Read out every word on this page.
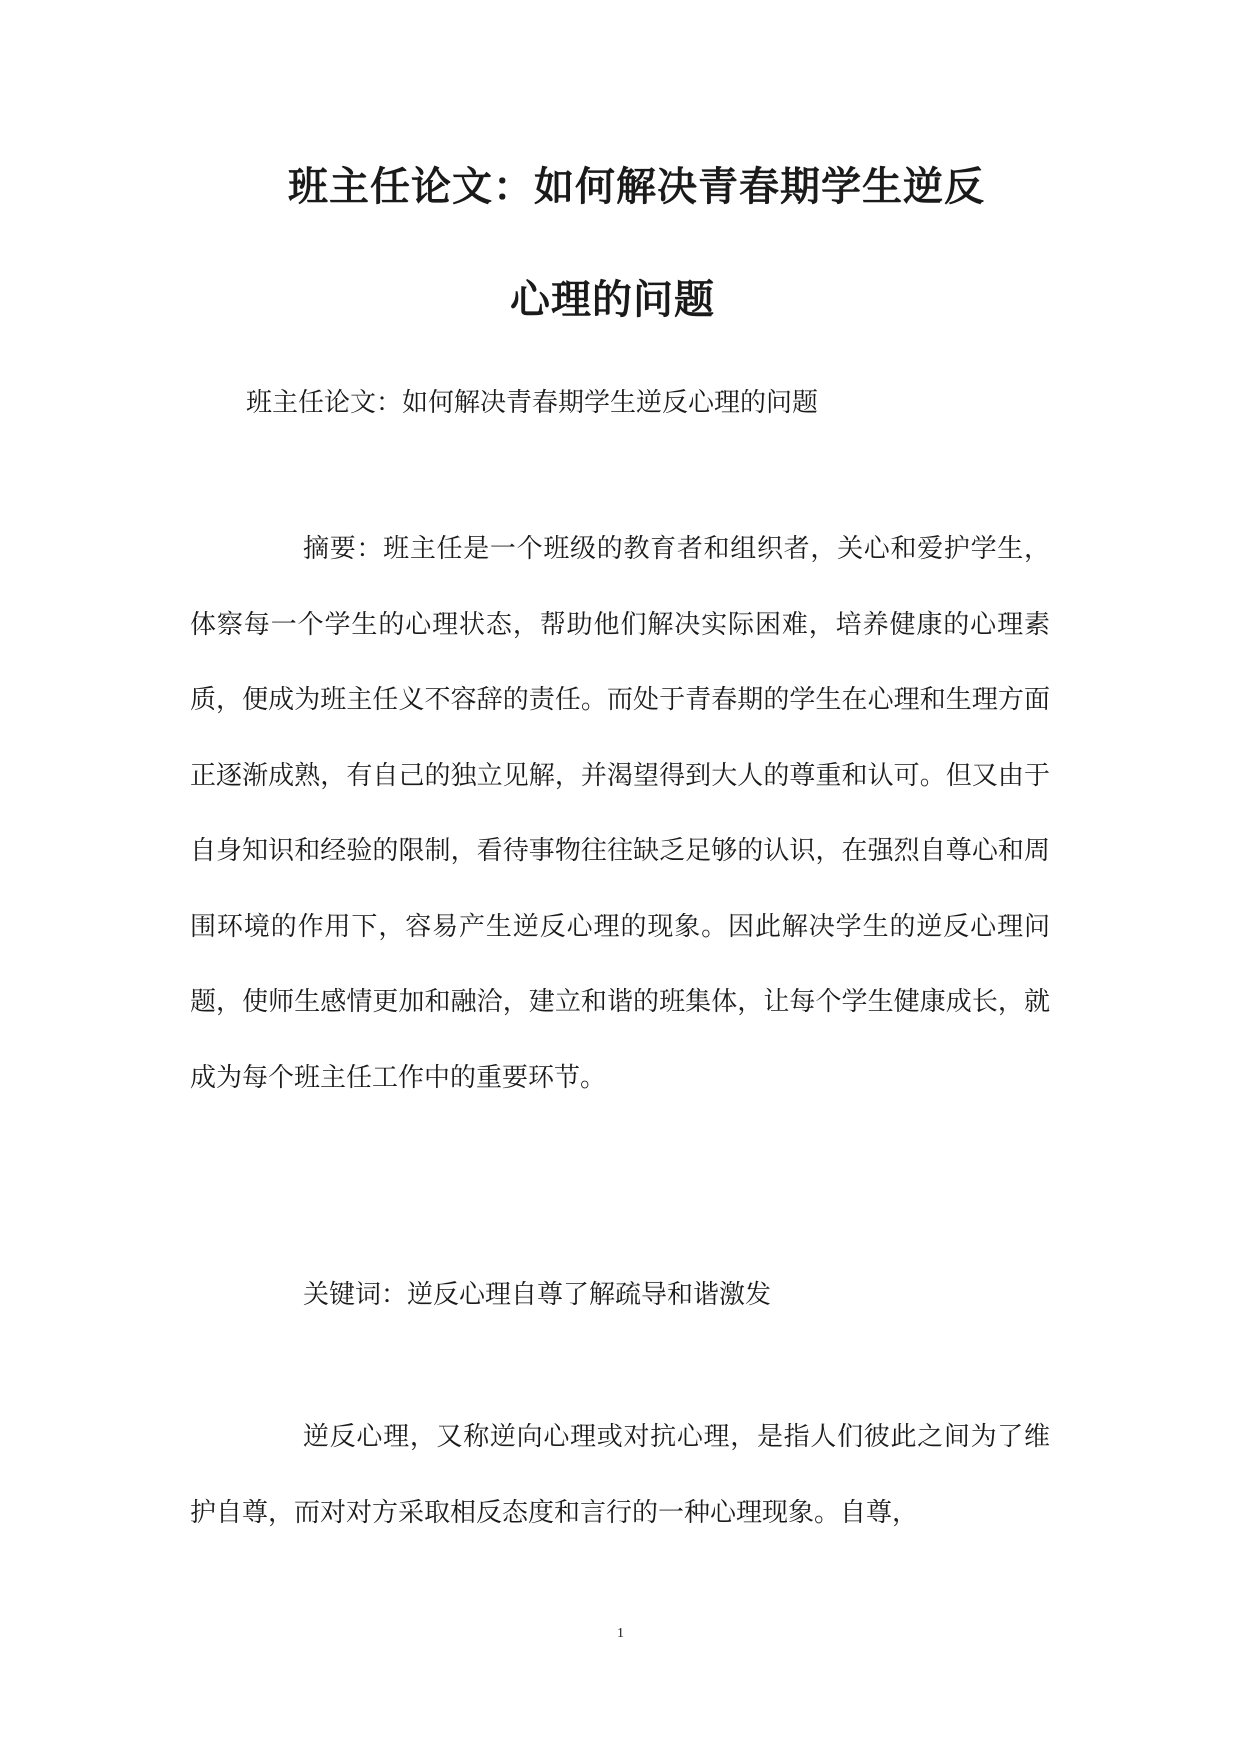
班主任论文：如何解决青春期学生逆反
心理的问题
班主任论文：如何解决青春期学生逆反心理的问题

摘要：班主任是一个班级的教育者和组织者，关心和爱护学生，体察每一个学生的心理状态，帮助他们解决实际困难，培养健康的心理素质，便成为班主任义不容辞的责任。而处于青春期的学生在心理和生理方面正逐渐成熟，有自己的独立见解，并渴望得到大人的尊重和认可。但又由于自身知识和经验的限制，看待事物往往缺乏足够的认识，在强烈自尊心和周围环境的作用下，容易产生逆反心理的现象。因此解决学生的逆反心理问题，使师生感情更加和融洽，建立和谐的班集体，让每个学生健康成长，就成为每个班主任工作中的重要环节。

关键词：逆反心理自尊了解疏导和谐激发

逆反心理，又称逆向心理或对抗心理，是指人们彼此之间为了维护自尊，而对对方采取相反态度和言行的一种心理现象。自尊，

1
